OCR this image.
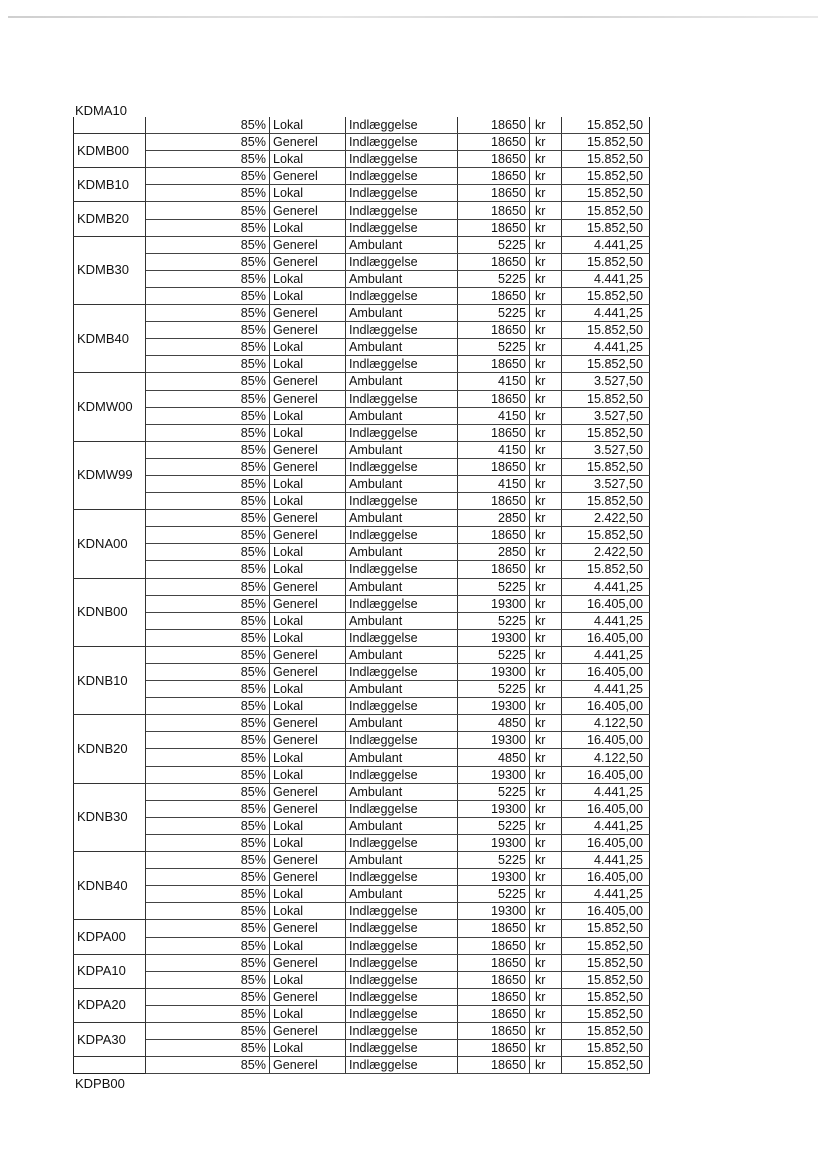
KDMA10
	85%	Lokal	Indlæggelse	18650	kr	15.852,50
KDMB00	85%	Generel	Indlæggelse	18650	kr	15.852,50
	85%	Lokal	Indlæggelse	18650	kr	15.852,50
KDMB10	85%	Generel	Indlæggelse	18650	kr	15.852,50
	85%	Lokal	Indlæggelse	18650	kr	15.852,50
KDMB20	85%	Generel	Indlæggelse	18650	kr	15.852,50
	85%	Lokal	Indlæggelse	18650	kr	15.852,50
KDMB30	85%	Generel	Ambulant	5225	kr	4.441,25
	85%	Generel	Indlæggelse	18650	kr	15.852,50
	85%	Lokal	Ambulant	5225	kr	4.441,25
	85%	Lokal	Indlæggelse	18650	kr	15.852,50
KDMB40	85%	Generel	Ambulant	5225	kr	4.441,25
	85%	Generel	Indlæggelse	18650	kr	15.852,50
	85%	Lokal	Ambulant	5225	kr	4.441,25
	85%	Lokal	Indlæggelse	18650	kr	15.852,50
KDMW00	85%	Generel	Ambulant	4150	kr	3.527,50
	85%	Generel	Indlæggelse	18650	kr	15.852,50
	85%	Lokal	Ambulant	4150	kr	3.527,50
	85%	Lokal	Indlæggelse	18650	kr	15.852,50
KDMW99	85%	Generel	Ambulant	4150	kr	3.527,50
	85%	Generel	Indlæggelse	18650	kr	15.852,50
	85%	Lokal	Ambulant	4150	kr	3.527,50
	85%	Lokal	Indlæggelse	18650	kr	15.852,50
KDNA00	85%	Generel	Ambulant	2850	kr	2.422,50
	85%	Generel	Indlæggelse	18650	kr	15.852,50
	85%	Lokal	Ambulant	2850	kr	2.422,50
	85%	Lokal	Indlæggelse	18650	kr	15.852,50
KDNB00	85%	Generel	Ambulant	5225	kr	4.441,25
	85%	Generel	Indlæggelse	19300	kr	16.405,00
	85%	Lokal	Ambulant	5225	kr	4.441,25
	85%	Lokal	Indlæggelse	19300	kr	16.405,00
KDNB10	85%	Generel	Ambulant	5225	kr	4.441,25
	85%	Generel	Indlæggelse	19300	kr	16.405,00
	85%	Lokal	Ambulant	5225	kr	4.441,25
	85%	Lokal	Indlæggelse	19300	kr	16.405,00
KDNB20	85%	Generel	Ambulant	4850	kr	4.122,50
	85%	Generel	Indlæggelse	19300	kr	16.405,00
	85%	Lokal	Ambulant	4850	kr	4.122,50
	85%	Lokal	Indlæggelse	19300	kr	16.405,00
KDNB30	85%	Generel	Ambulant	5225	kr	4.441,25
	85%	Generel	Indlæggelse	19300	kr	16.405,00
	85%	Lokal	Ambulant	5225	kr	4.441,25
	85%	Lokal	Indlæggelse	19300	kr	16.405,00
KDNB40	85%	Generel	Ambulant	5225	kr	4.441,25
	85%	Generel	Indlæggelse	19300	kr	16.405,00
	85%	Lokal	Ambulant	5225	kr	4.441,25
	85%	Lokal	Indlæggelse	19300	kr	16.405,00
KDPA00	85%	Generel	Indlæggelse	18650	kr	15.852,50
	85%	Lokal	Indlæggelse	18650	kr	15.852,50
KDPA10	85%	Generel	Indlæggelse	18650	kr	15.852,50
	85%	Lokal	Indlæggelse	18650	kr	15.852,50
KDPA20	85%	Generel	Indlæggelse	18650	kr	15.852,50
	85%	Lokal	Indlæggelse	18650	kr	15.852,50
KDPA30	85%	Generel	Indlæggelse	18650	kr	15.852,50
	85%	Lokal	Indlæggelse	18650	kr	15.852,50
	85%	Generel	Indlæggelse	18650	kr	15.852,50
KDPB00
